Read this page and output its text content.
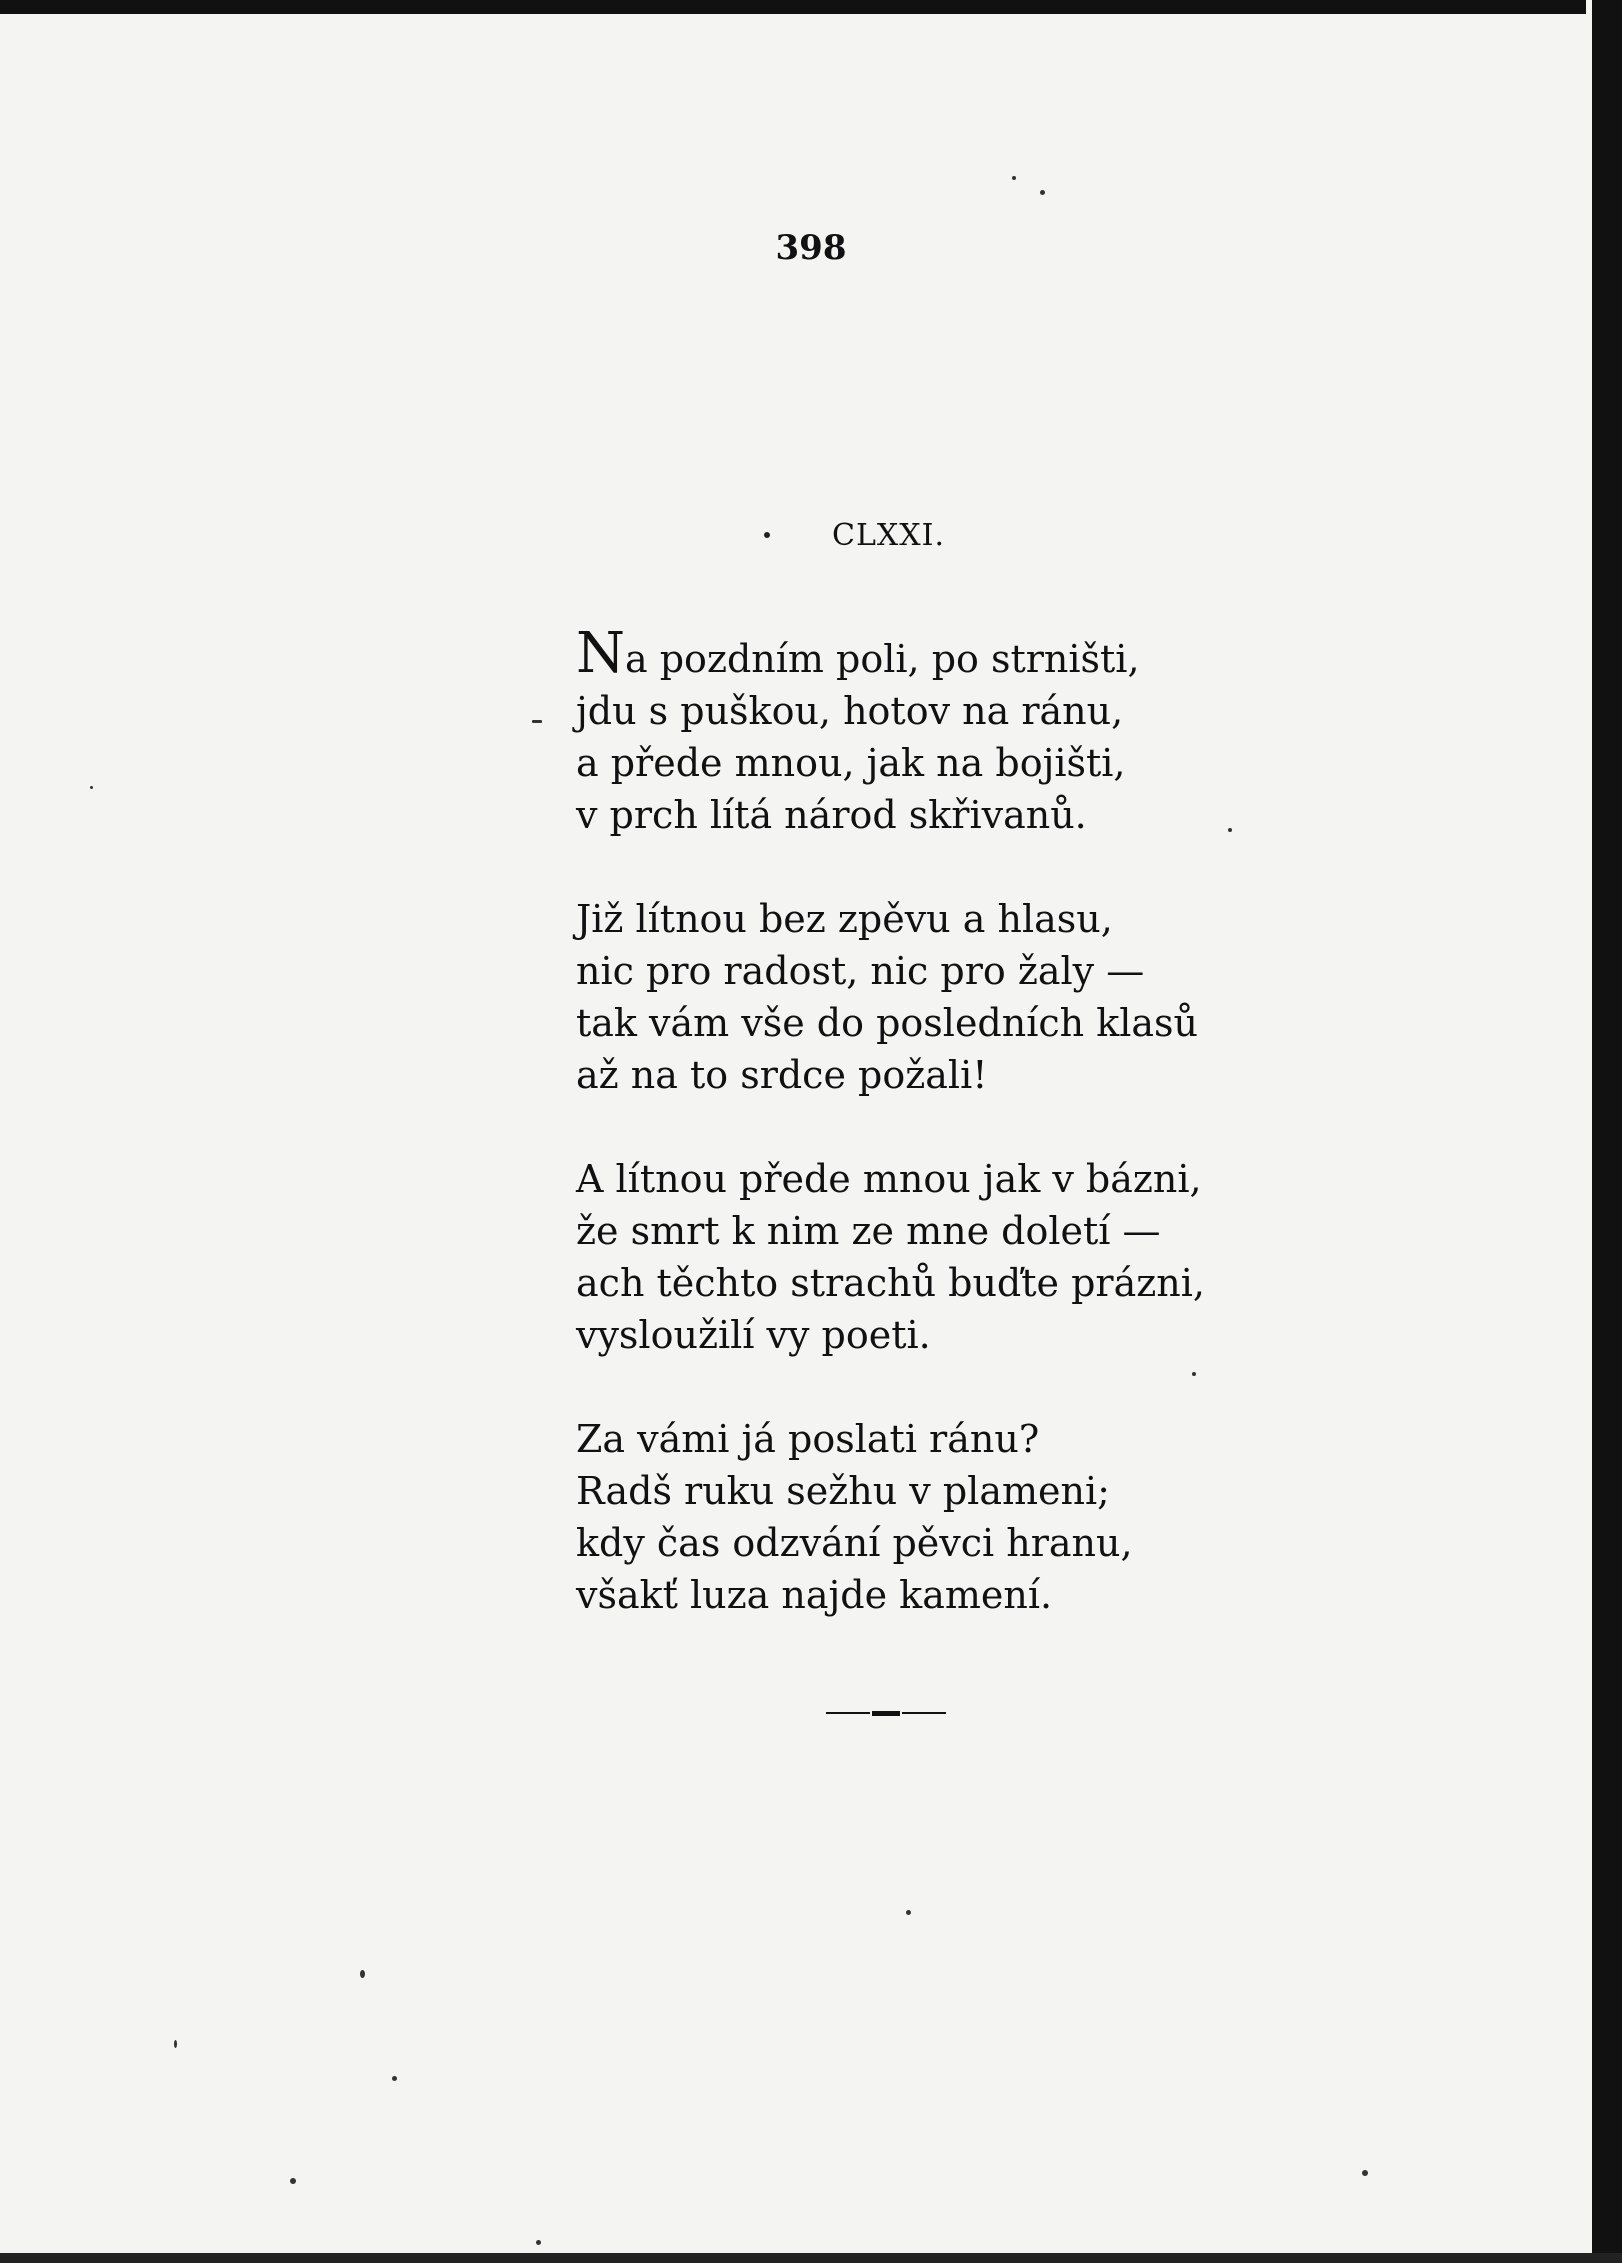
398
CLXXI.
Na pozdním poli, po strništi,
jdu s puškou, hotov na ránu,
a přede mnou, jak na bojišti,
v prch lítá národ skřivanů.
Již lítnou bez zpěvu a hlasu,
nic pro radost, nic pro žaly —
tak vám vše do posledních klasů
až na to srdce požali!
A lítnou přede mnou jak v bázni,
že smrt k nim ze mne doletí —
ach těchto strachů buďte prázni,
vysloužilí vy poeti.
Za vámi já poslati ránu?
Radš ruku sežhu v plameni;
kdy čas odzvání pěvci hranu,
všakť luza najde kamení.
